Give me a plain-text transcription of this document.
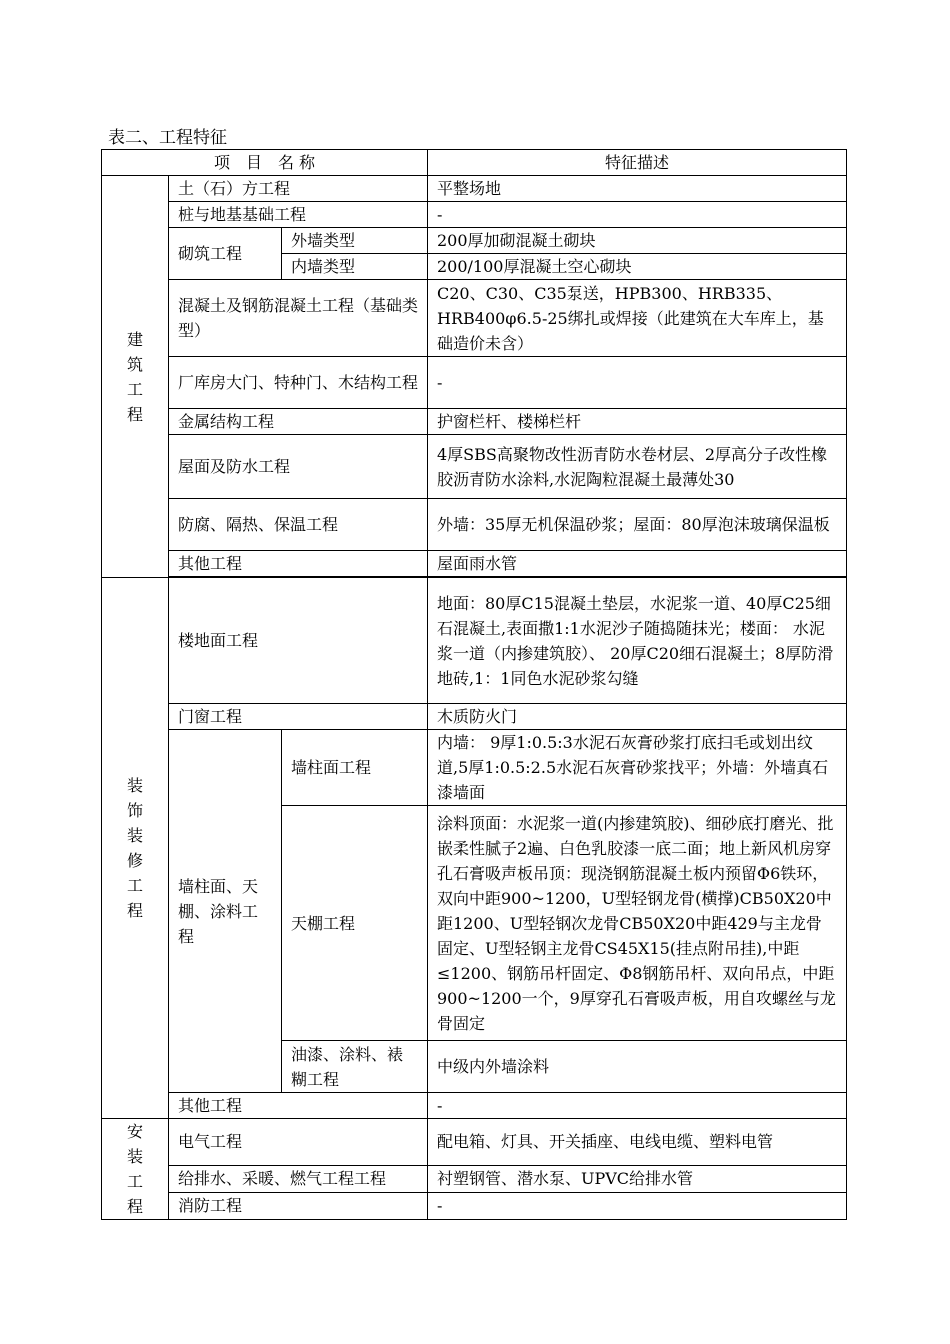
表二、工程特征
项　目　名 称			特征描述
建筑工程	土（石）方工程		平整场地
	桩与地基基础工程		-
	砌筑工程	外墙类型	200厚加砌混凝土砌块
		内墙类型	200/100厚混凝土空心砌块
	混凝土及钢筋混凝土工程（基础类型）		C20、C30、C35泵送，HPB300、HRB335、HRB400φ6.5-25绑扎或焊接（此建筑在大车库上，基础造价未含）
	厂库房大门、特种门、木结构工程		-
	金属结构工程		护窗栏杆、楼梯栏杆
	屋面及防水工程		4厚SBS高聚物改性沥青防水卷材层、2厚高分子改性橡胶沥青防水涂料,水泥陶粒混凝土最薄处30
	防腐、隔热、保温工程		外墙：35厚无机保温砂浆；屋面：80厚泡沫玻璃保温板
	其他工程		屋面雨水管

装饰装修工程	楼地面工程		地面：80厚C15混凝土垫层，水泥浆一道、40厚C25细石混凝土,表面撒1:1水泥沙子随捣随抹光；楼面： 水泥浆一道（内掺建筑胶）、 20厚C20细石混凝土；8厚防滑地砖,1：1同色水泥砂浆勾缝
	门窗工程		木质防火门
	墙柱面、天棚、涂料工程	墙柱面工程	内墙： 9厚1:0.5:3水泥石灰膏砂浆打底扫毛或划出纹道,5厚1:0.5:2.5水泥石灰膏砂浆找平；外墙：外墙真石漆墙面
		天棚工程	涂料顶面：水泥浆一道(内掺建筑胶)、细砂底打磨光、批嵌柔性腻子2遍、白色乳胶漆一底二面；地上新风机房穿孔石膏吸声板吊顶：现浇钢筋混凝土板内预留Φ6铁环，双向中距900~1200，U型轻钢龙骨(横撑)CB50X20中距1200、U型轻钢次龙骨CB50X20中距429与主龙骨固定、U型轻钢主龙骨CS45X15(挂点附吊挂),中距≤1200、钢筋吊杆固定、Φ8钢筋吊杆、双向吊点，中距900~1200一个，9厚穿孔石膏吸声板，用自攻螺丝与龙骨固定
		油漆、涂料、裱糊工程	中级内外墙涂料
	其他工程		-
安装工程	电气工程		配电箱、灯具、开关插座、电线电缆、塑料电管
	给排水、采暖、燃气工程工程		衬塑钢管、潜水泵、UPVC给排水管
	消防工程		-
